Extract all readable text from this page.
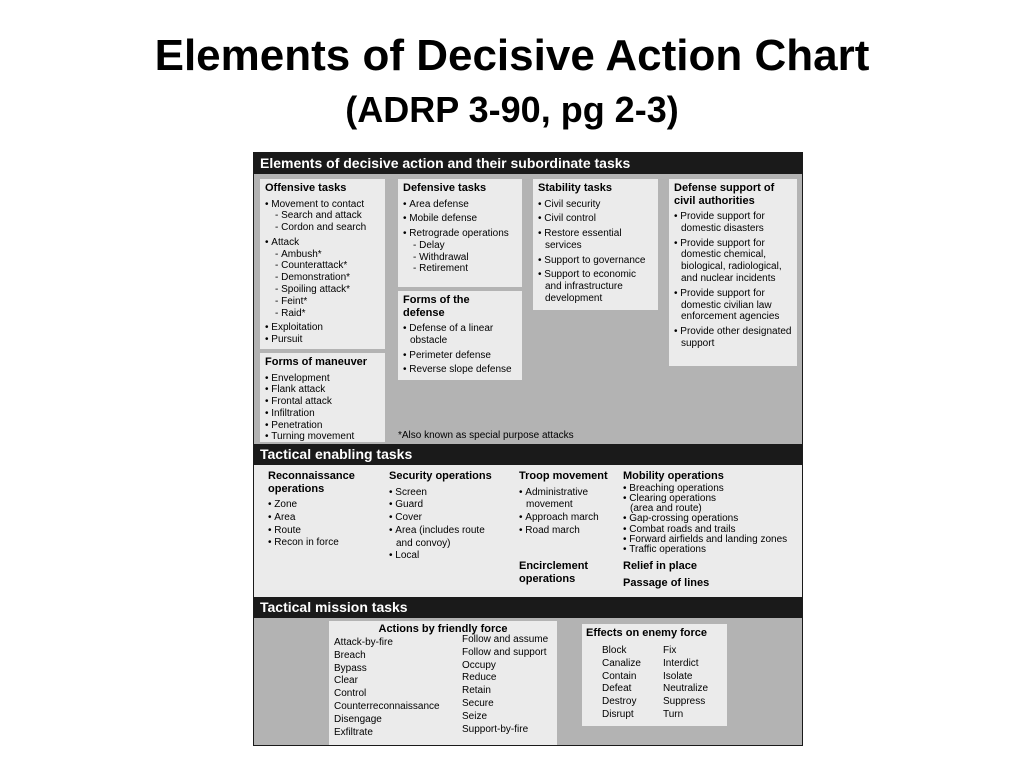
Elements of Decisive Action Chart
(ADRP 3-90, pg 2-3)
Elements of decisive action and their subordinate tasks
Offensive tasks
• Movement to contact
- Search and attack
- Cordon and search
• Attack
- Ambush*
- Counterattack*
- Demonstration*
- Spoiling attack*
- Feint*
- Raid*
• Exploitation
• Pursuit
Forms of maneuver
• Envelopment
• Flank attack
• Frontal attack
• Infiltration
• Penetration
• Turning movement
Defensive tasks
• Area defense
• Mobile defense
• Retrograde operations
- Delay
- Withdrawal
- Retirement
Forms of the defense
• Defense of a linear obstacle
• Perimeter defense
• Reverse slope defense
Stability tasks
• Civil security
• Civil control
• Restore essential services
• Support to governance
• Support to economic and infrastructure development
Defense support of civil authorities
• Provide support for domestic disasters
• Provide support for domestic chemical, biological, radiological, and nuclear incidents
• Provide support for domestic civilian law enforcement agencies
• Provide other designated support
*Also known as special purpose attacks
Tactical enabling tasks
Reconnaissance operations
• Zone
• Area
• Route
• Recon in force
Security operations
• Screen
• Guard
• Cover
• Area (includes route and convoy)
• Local
Troop movement
• Administrative movement
• Approach march
• Road march
Encirclement operations
Mobility operations
• Breaching operations
• Clearing operations (area and route)
• Gap-crossing operations
• Combat roads and trails
• Forward airfields and landing zones
• Traffic operations
Relief in place
Passage of lines
Tactical mission tasks
Actions by friendly force
Attack-by-fire
Breach
Bypass
Clear
Control
Counterreconnaissance
Disengage
Exfiltrate
Follow and assume
Follow and support
Occupy
Reduce
Retain
Secure
Seize
Support-by-fire
Effects on enemy force
Block
Canalize
Contain
Defeat
Destroy
Disrupt
Fix
Interdict
Isolate
Neutralize
Suppress
Turn
